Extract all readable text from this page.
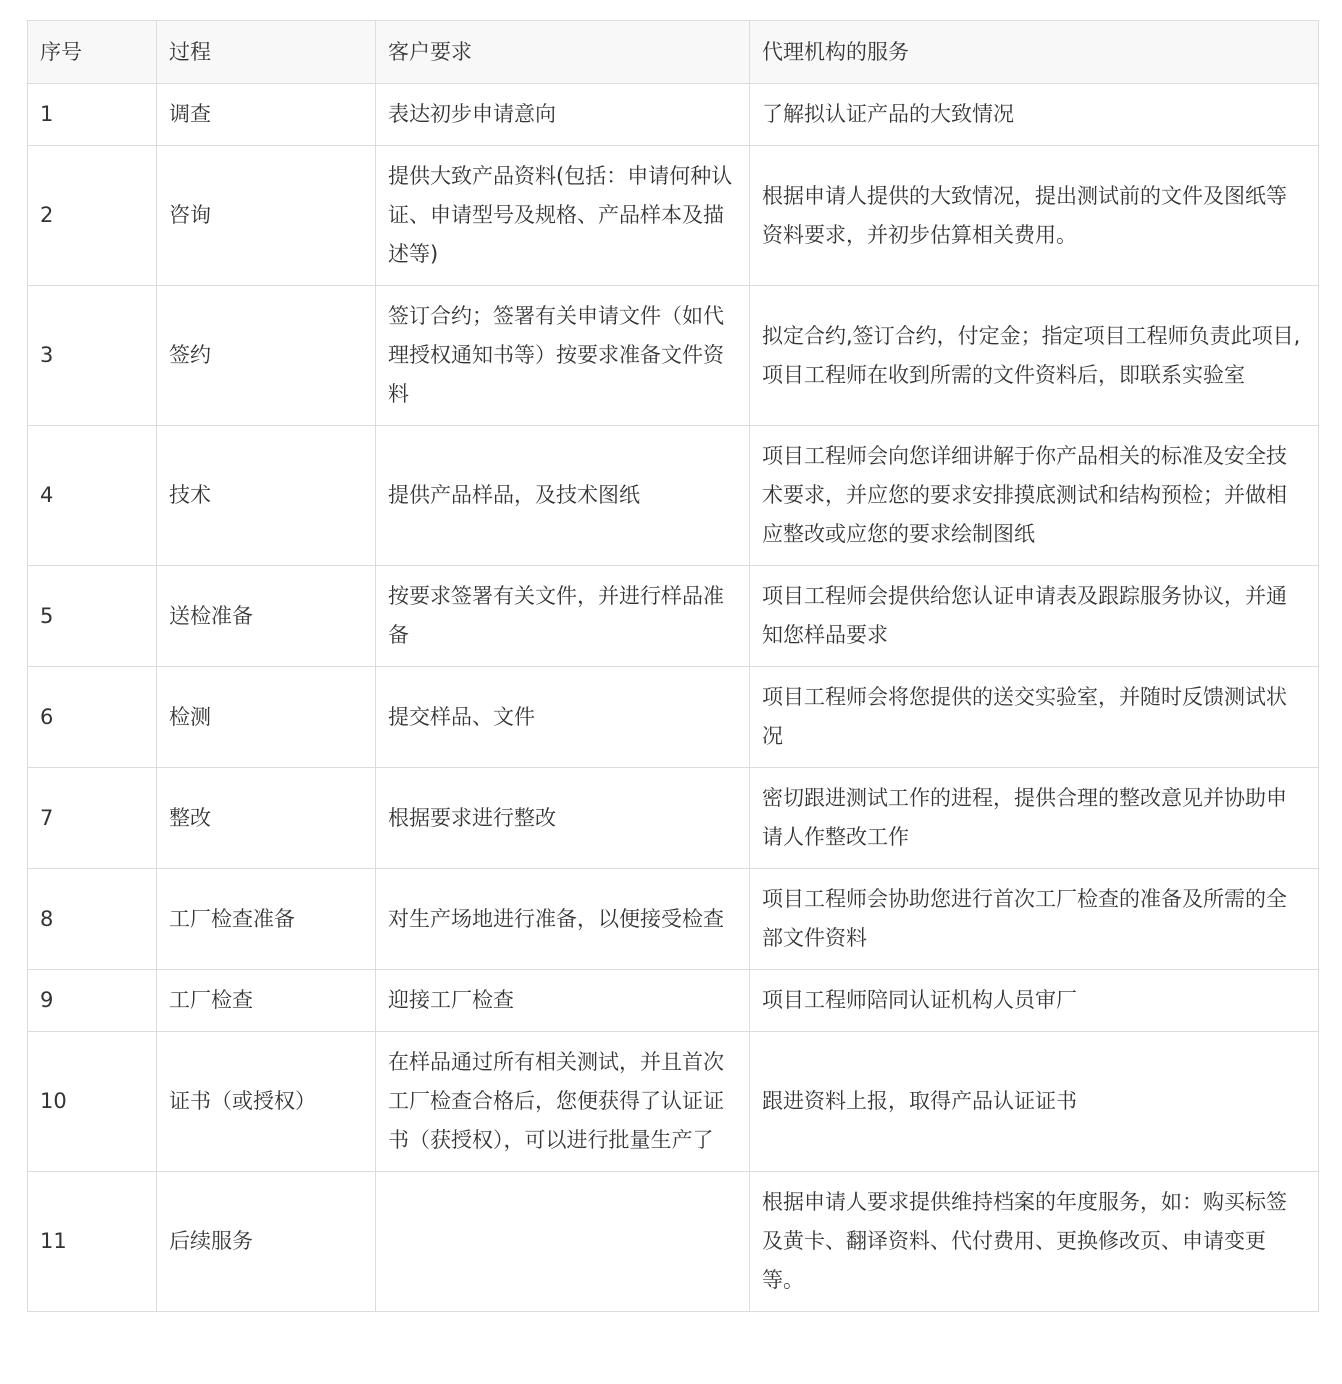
序号	过程	客户要求	代理机构的服务
1	调查	表达初步申请意向	了解拟认证产品的大致情况
2	咨询	提供大致产品资料(包括：申请何种认证、申请型号及规格、产品样本及描述等)	根据申请人提供的大致情况，提出测试前的文件及图纸等资料要求，并初步估算相关费用。
3	签约	签订合约；签署有关申请文件（如代理授权通知书等）按要求准备文件资料	拟定合约,签订合约，付定金；指定项目工程师负责此项目,项目工程师在收到所需的文件资料后，即联系实验室
4	技术	提供产品样品，及技术图纸	项目工程师会向您详细讲解于你产品相关的标准及安全技术要求，并应您的要求安排摸底测试和结构预检；并做相应整改或应您的要求绘制图纸
5	送检准备	按要求签署有关文件，并进行样品准备	项目工程师会提供给您认证申请表及跟踪服务协议，并通知您样品要求
6	检测	提交样品、文件	项目工程师会将您提供的送交实验室，并随时反馈测试状况
7	整改	根据要求进行整改	密切跟进测试工作的进程，提供合理的整改意见并协助申请人作整改工作
8	工厂检查准备	对生产场地进行准备，以便接受检查	项目工程师会协助您进行首次工厂检查的准备及所需的全部文件资料
9	工厂检查	迎接工厂检查	项目工程师陪同认证机构人员审厂
10	证书（或授权）	在样品通过所有相关测试，并且首次工厂检查合格后，您便获得了认证证书（获授权），可以进行批量生产了	跟进资料上报，取得产品认证证书
11	后续服务		根据申请人要求提供维持档案的年度服务，如：购买标签及黄卡、翻译资料、代付费用、更换修改页、申请变更等。
